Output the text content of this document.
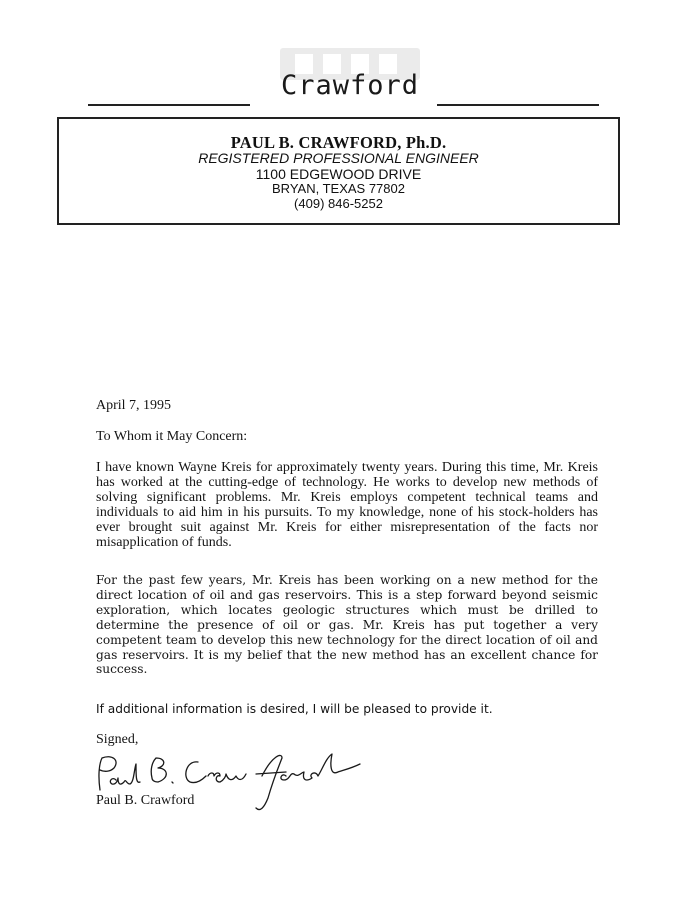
Crawford
PAUL B. CRAWFORD, Ph.D.
REGISTERED PROFESSIONAL ENGINEER
1100 EDGEWOOD DRIVE
BRYAN, TEXAS 77802
(409) 846-5252
April 7, 1995
To Whom it May Concern:

I have known Wayne Kreis for approximately twenty years. During this time, Mr. Kreis has worked at the cutting-edge of technology. He works to develop new methods of solving significant problems. Mr. Kreis employs competent technical teams and individuals to aid him in his pursuits. To my knowledge, none of his stock-holders has ever brought suit against Mr. Kreis for either misrepresentation of the facts nor misapplication of funds.

For the past few years, Mr. Kreis has been working on a new method for the direct location of oil and gas reservoirs. This is a step forward beyond seismic exploration, which locates geologic structures which must be drilled to determine the presence of oil or gas. Mr. Kreis has put together a very competent team to develop this new technology for the direct location of oil and gas reservoirs. It is my belief that the new method has an excellent chance for success.

If additional information is desired, I will be pleased to provide it.

Signed,
Paul B. Crawford
